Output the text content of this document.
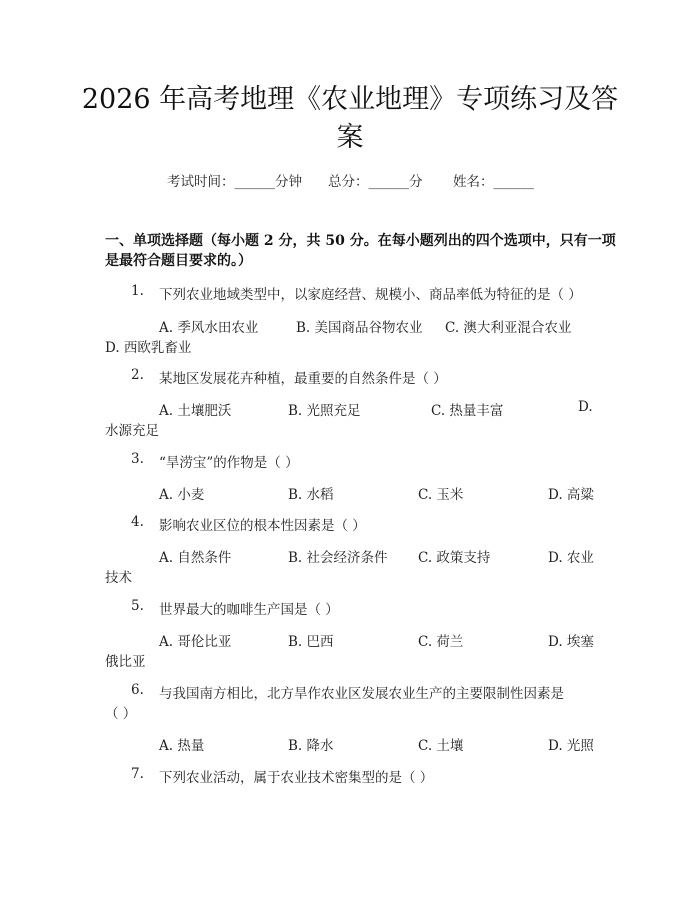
2026 年高考地理《农业地理》专项练习及答
案
考试时间：______分钟 总分：______分 姓名：______
一、单项选择题（每小题 2 分，共 50 分。在每小题列出的四个选项中，只有一项
是最符合题目要求的。）
1. 下列农业地域类型中，以家庭经营、规模小、商品率低为特征的是（ ）
A. 季风水田农业	B. 美国商品谷物农业 C. 澳大利亚混合农业
D. 西欧乳畜业
2. 某地区发展花卉种植，最重要的自然条件是（ ）
A. 土壤肥沃	B. 光照充足	C. 热量丰富	D.
水源充足
3. “旱涝宝”的作物是（ ）
A. 小麦	B. 水稻	C. 玉米	D. 高粱
4. 影响农业区位的根本性因素是（ ）
A. 自然条件	B. 社会经济条件 C. 政策支持	D. 农业
技术
5. 世界最大的咖啡生产国是（ ）
A. 哥伦比亚	B. 巴西	C. 荷兰	D. 埃塞
俄比亚
6. 与我国南方相比，北方旱作农业区发展农业生产的主要限制性因素是
（ ）
A. 热量	B. 降水	C. 土壤	D. 光照
7. 下列农业活动，属于农业技术密集型的是（ ）
